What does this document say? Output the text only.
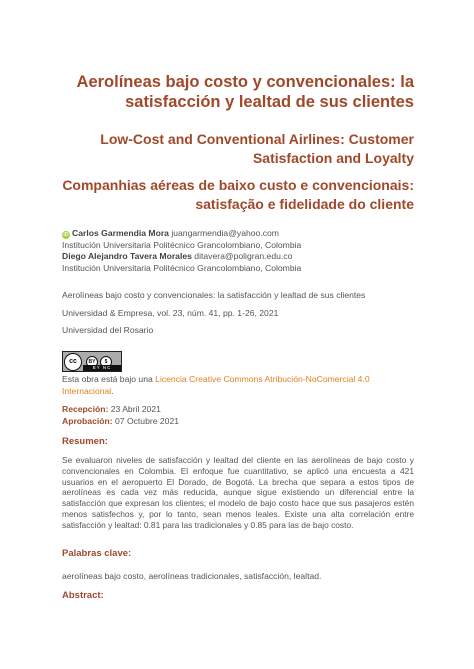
Aerolíneas bajo costo y convencionales: la satisfacción y lealtad de sus clientes
Low-Cost and Conventional Airlines: Customer Satisfaction and Loyalty
Companhias aéreas de baixo custo e convencionais: satisfação e fidelidade do cliente

iD Carlos Garmendia Mora juangarmendia@yahoo.com

Institución Universitaria Politécnico Grancolombiano, Colombia

Diego Alejandro Tavera Morales ditavera@poligran.edu.co

Institución Universitaria Politécnico Grancolombiano, Colombia

Aerolíneas bajo costo y convencionales: la satisfacción y lealtad de sus clientes

Universidad & Empresa, vol. 23, núm. 41, pp. 1-26, 2021

Universidad del Rosario
cc	BY	$
BY NC
Esta obra está bajo una Licencia Creative Commons Atribución-NoComercial 4.0 Internacional.

Recepción: 23 Abril 2021

Aprobación: 07 Octubre 2021

Resumen:
Se evaluaron niveles de satisfacción y lealtad del cliente en las aerolíneas de bajo costo y convencionales en Colombia. El enfoque fue cuantitativo, se aplicó una encuesta a 421 usuarios en el aeropuerto El Dorado, de Bogotá. La brecha que separa a estos tipos de aerolíneas es cada vez más reducida, aunque sigue existiendo un diferencial entre la satisfacción que expresan los clientes; el modelo de bajo costo hace que sus pasajeros estén menos satisfechos y, por lo tanto, sean menos leales. Existe una alta correlación entre satisfacción y lealtad: 0.81 para las tradicionales y 0.85 para las de bajo costo.
Palabras clave:
aerolíneas bajo costo, aerolíneas tradicionales, satisfacción, lealtad.
Abstract:
